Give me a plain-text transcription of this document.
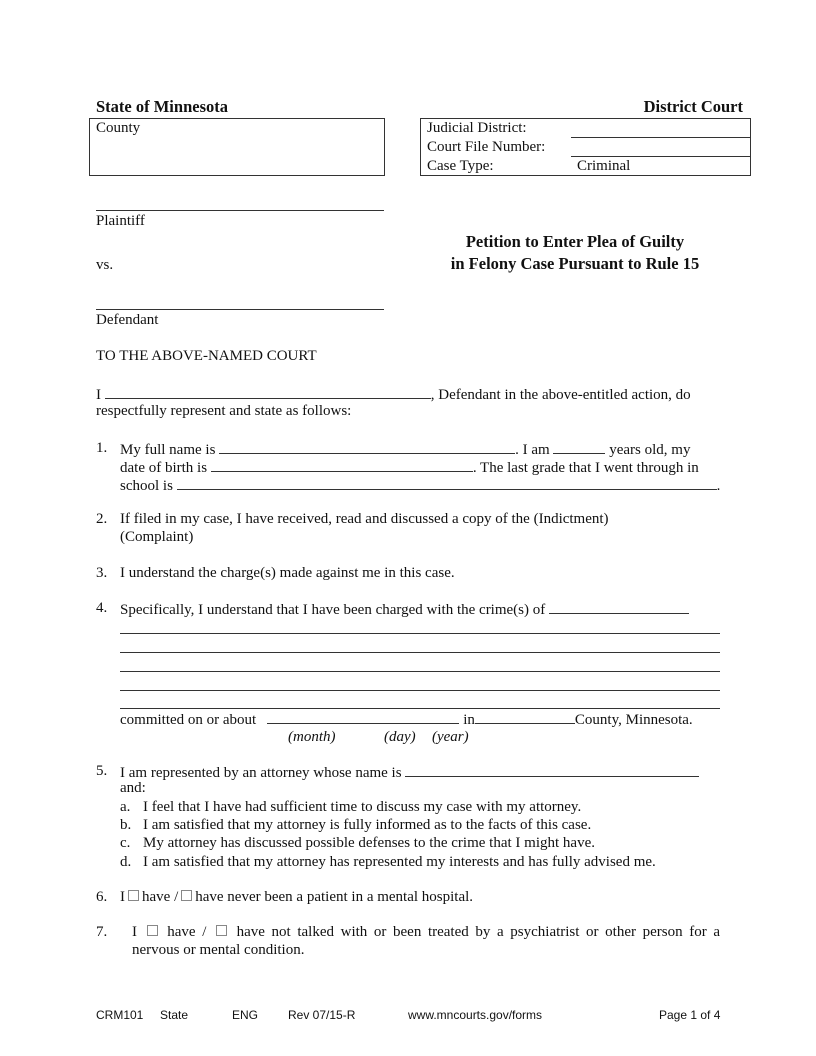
State of Minnesota	District Court
County	Judicial District:
Court File Number:
Case Type:	Criminal
Plaintiff
vs.
Defendant
Petition to Enter Plea of Guilty
in Felony Case Pursuant to Rule 15
TO THE ABOVE-NAMED COURT
I	, Defendant in the above-entitled action, do
respectfully represent and state as follows:
1. My full name is	. I am	years old, my
date of birth is	. The last grade that I went through in
school is	.
2. If filed in my case, I have received, read and discussed a copy of the (Indictment)
(Complaint)
3. I understand the charge(s) made against me in this case.
4. Specifically, I understand that I have been charged with the crime(s) of
committed on or about	in	County, Minnesota.
(month)	(day) (year)
5. I am represented by an attorney whose name is
and:
a. I feel that I have had sufficient time to discuss my case with my attorney.
b. I am satisfied that my attorney is fully informed as to the facts of this case.
c. My attorney has discussed possible defenses to the crime that I might have.
d. I am satisfied that my attorney has represented my interests and has fully advised me.
6. I have / have never been a patient in a mental hospital.
7. I have / have not talked with or been treated by a psychiatrist or other person for a
nervous or mental condition.
CRM101 State	ENG Rev 07/15-R	www.mncourts.gov/forms	Page 1 of 4
